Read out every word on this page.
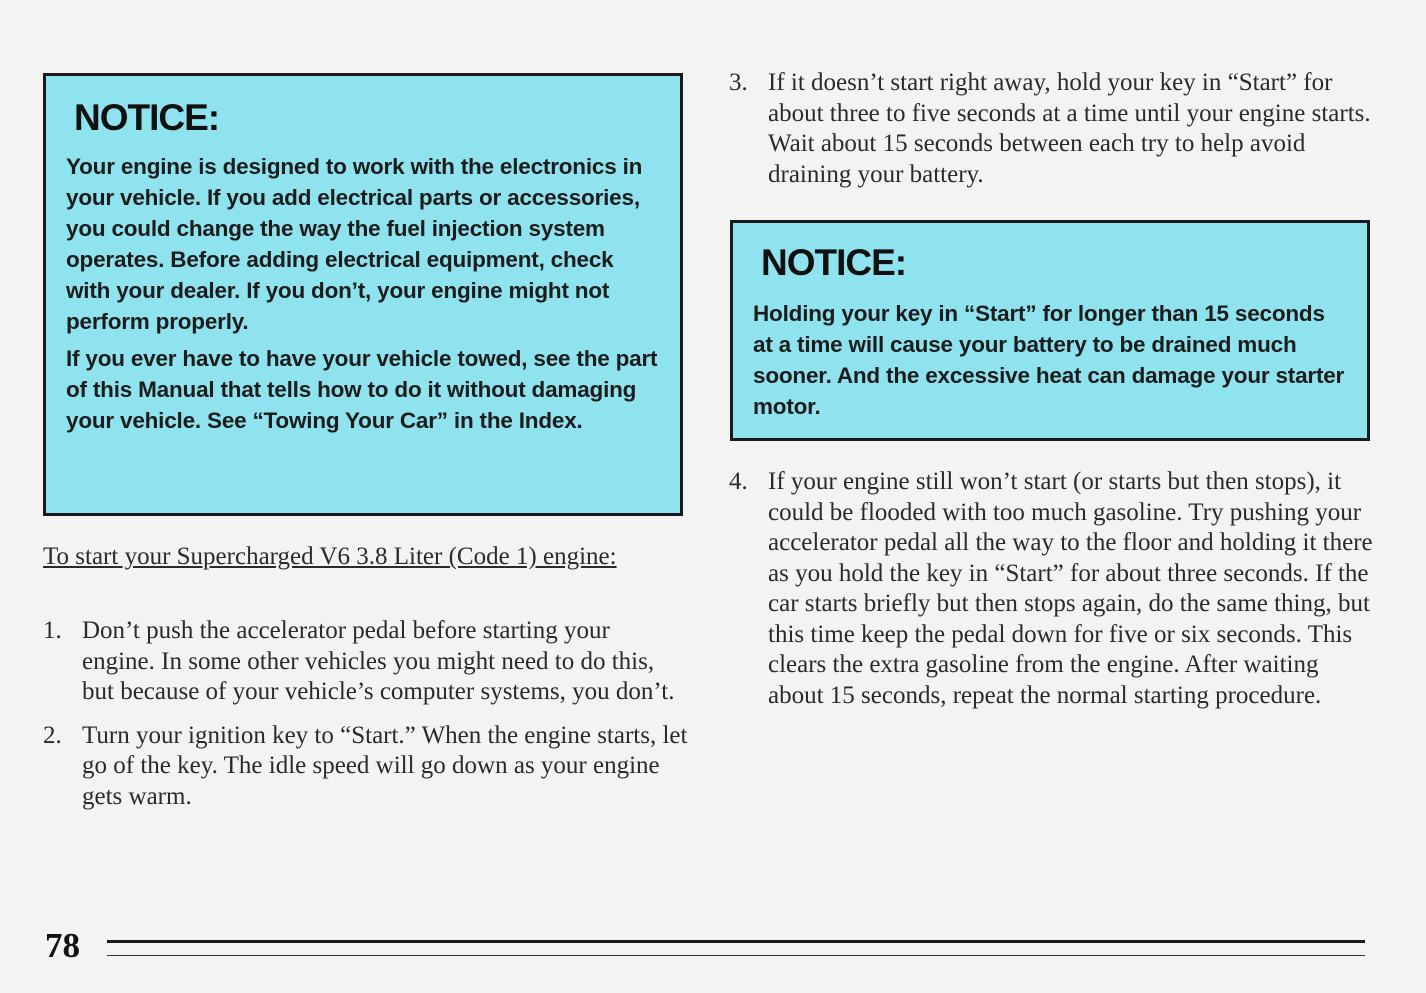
NOTICE:

Your engine is designed to work with the electronics in your vehicle. If you add electrical parts or accessories, you could change the way the fuel injection system operates. Before adding electrical equipment, check with your dealer. If you don’t, your engine might not perform properly.

If you ever have to have your vehicle towed, see the part of this Manual that tells how to do it without damaging your vehicle. See “Towing Your Car” in the Index.

To start your Supercharged V6 3.8 Liter (Code 1) engine:

1. Don’t push the accelerator pedal before starting your engine. In some other vehicles you might need to do this, but because of your vehicle’s computer systems, you don’t.
2. Turn your ignition key to “Start.” When the engine starts, let go of the key. The idle speed will go down as your engine gets warm.
3. If it doesn’t start right away, hold your key in “Start” for about three to five seconds at a time until your engine starts. Wait about 15 seconds between each try to help avoid draining your battery.
NOTICE:

Holding your key in “Start” for longer than 15 seconds at a time will cause your battery to be drained much sooner. And the excessive heat can damage your starter motor.

4. If your engine still won’t start (or starts but then stops), it could be flooded with too much gasoline. Try pushing your accelerator pedal all the way to the floor and holding it there as you hold the key in “Start” for about three seconds. If the car starts briefly but then stops again, do the same thing, but this time keep the pedal down for five or six seconds. This clears the extra gasoline from the engine. After waiting about 15 seconds, repeat the normal starting procedure.

78
